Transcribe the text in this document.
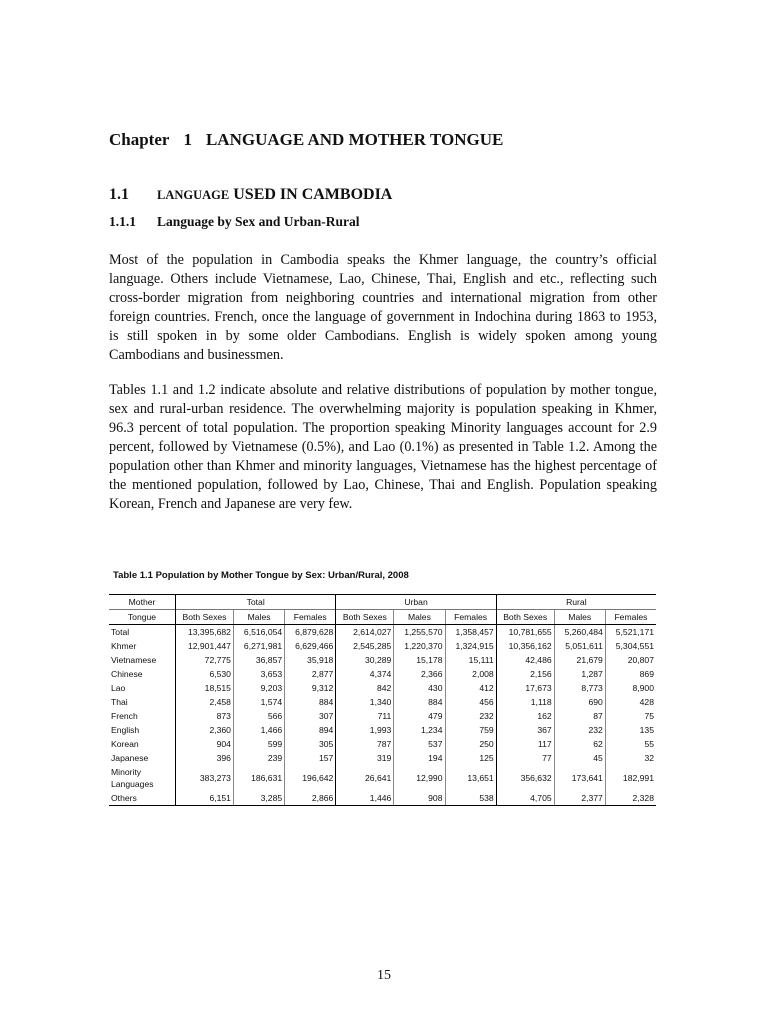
Chapter 1 LANGUAGE AND MOTHER TONGUE
1.1 LANGUAGE USED IN CAMBODIA
1.1.1 Language by Sex and Urban-Rural

Most of the population in Cambodia speaks the Khmer language, the country’s official language. Others include Vietnamese, Lao, Chinese, Thai, English and etc., reflecting such cross-border migration from neighboring countries and international migration from other foreign countries. French, once the language of government in Indochina during 1863 to 1953, is still spoken in by some older Cambodians. English is widely spoken among young Cambodians and businessmen.

Tables 1.1 and 1.2 indicate absolute and relative distributions of population by mother tongue, sex and rural-urban residence. The overwhelming majority is population speaking in Khmer, 96.3 percent of total population. The proportion speaking Minority languages account for 2.9 percent, followed by Vietnamese (0.5%), and Lao (0.1%) as presented in Table 1.2. Among the population other than Khmer and minority languages, Vietnamese has the highest percentage of the mentioned population, followed by Lao, Chinese, Thai and English. Population speaking Korean, French and Japanese are very few.

Table 1.1 Population by Mother Tongue by Sex: Urban/Rural, 2008
Mother	Total			Urban			Rural		
Tongue	Both Sexes	Males	Females	Both Sexes	Males	Females	Both Sexes	Males	Females
Total	13,395,682	6,516,054	6,879,628	2,614,027	1,255,570	1,358,457	10,781,655	5,260,484	5,521,171
Khmer	12,901,447	6,271,981	6,629,466	2,545,285	1,220,370	1,324,915	10,356,162	5,051,611	5,304,551
Vietnamese	72,775	36,857	35,918	30,289	15,178	15,111	42,486	21,679	20,807
Chinese	6,530	3,653	2,877	4,374	2,366	2,008	2,156	1,287	869
Lao	18,515	9,203	9,312	842	430	412	17,673	8,773	8,900
Thai	2,458	1,574	884	1,340	884	456	1,118	690	428
French	873	566	307	711	479	232	162	87	75
English	2,360	1,466	894	1,993	1,234	759	367	232	135
Korean	904	599	305	787	537	250	117	62	55
Japanese	396	239	157	319	194	125	77	45	32
Minority Languages	383,273	186,631	196,642	26,641	12,990	13,651	356,632	173,641	182,991
Others	6,151	3,285	2,866	1,446	908	538	4,705	2,377	2,328
15
